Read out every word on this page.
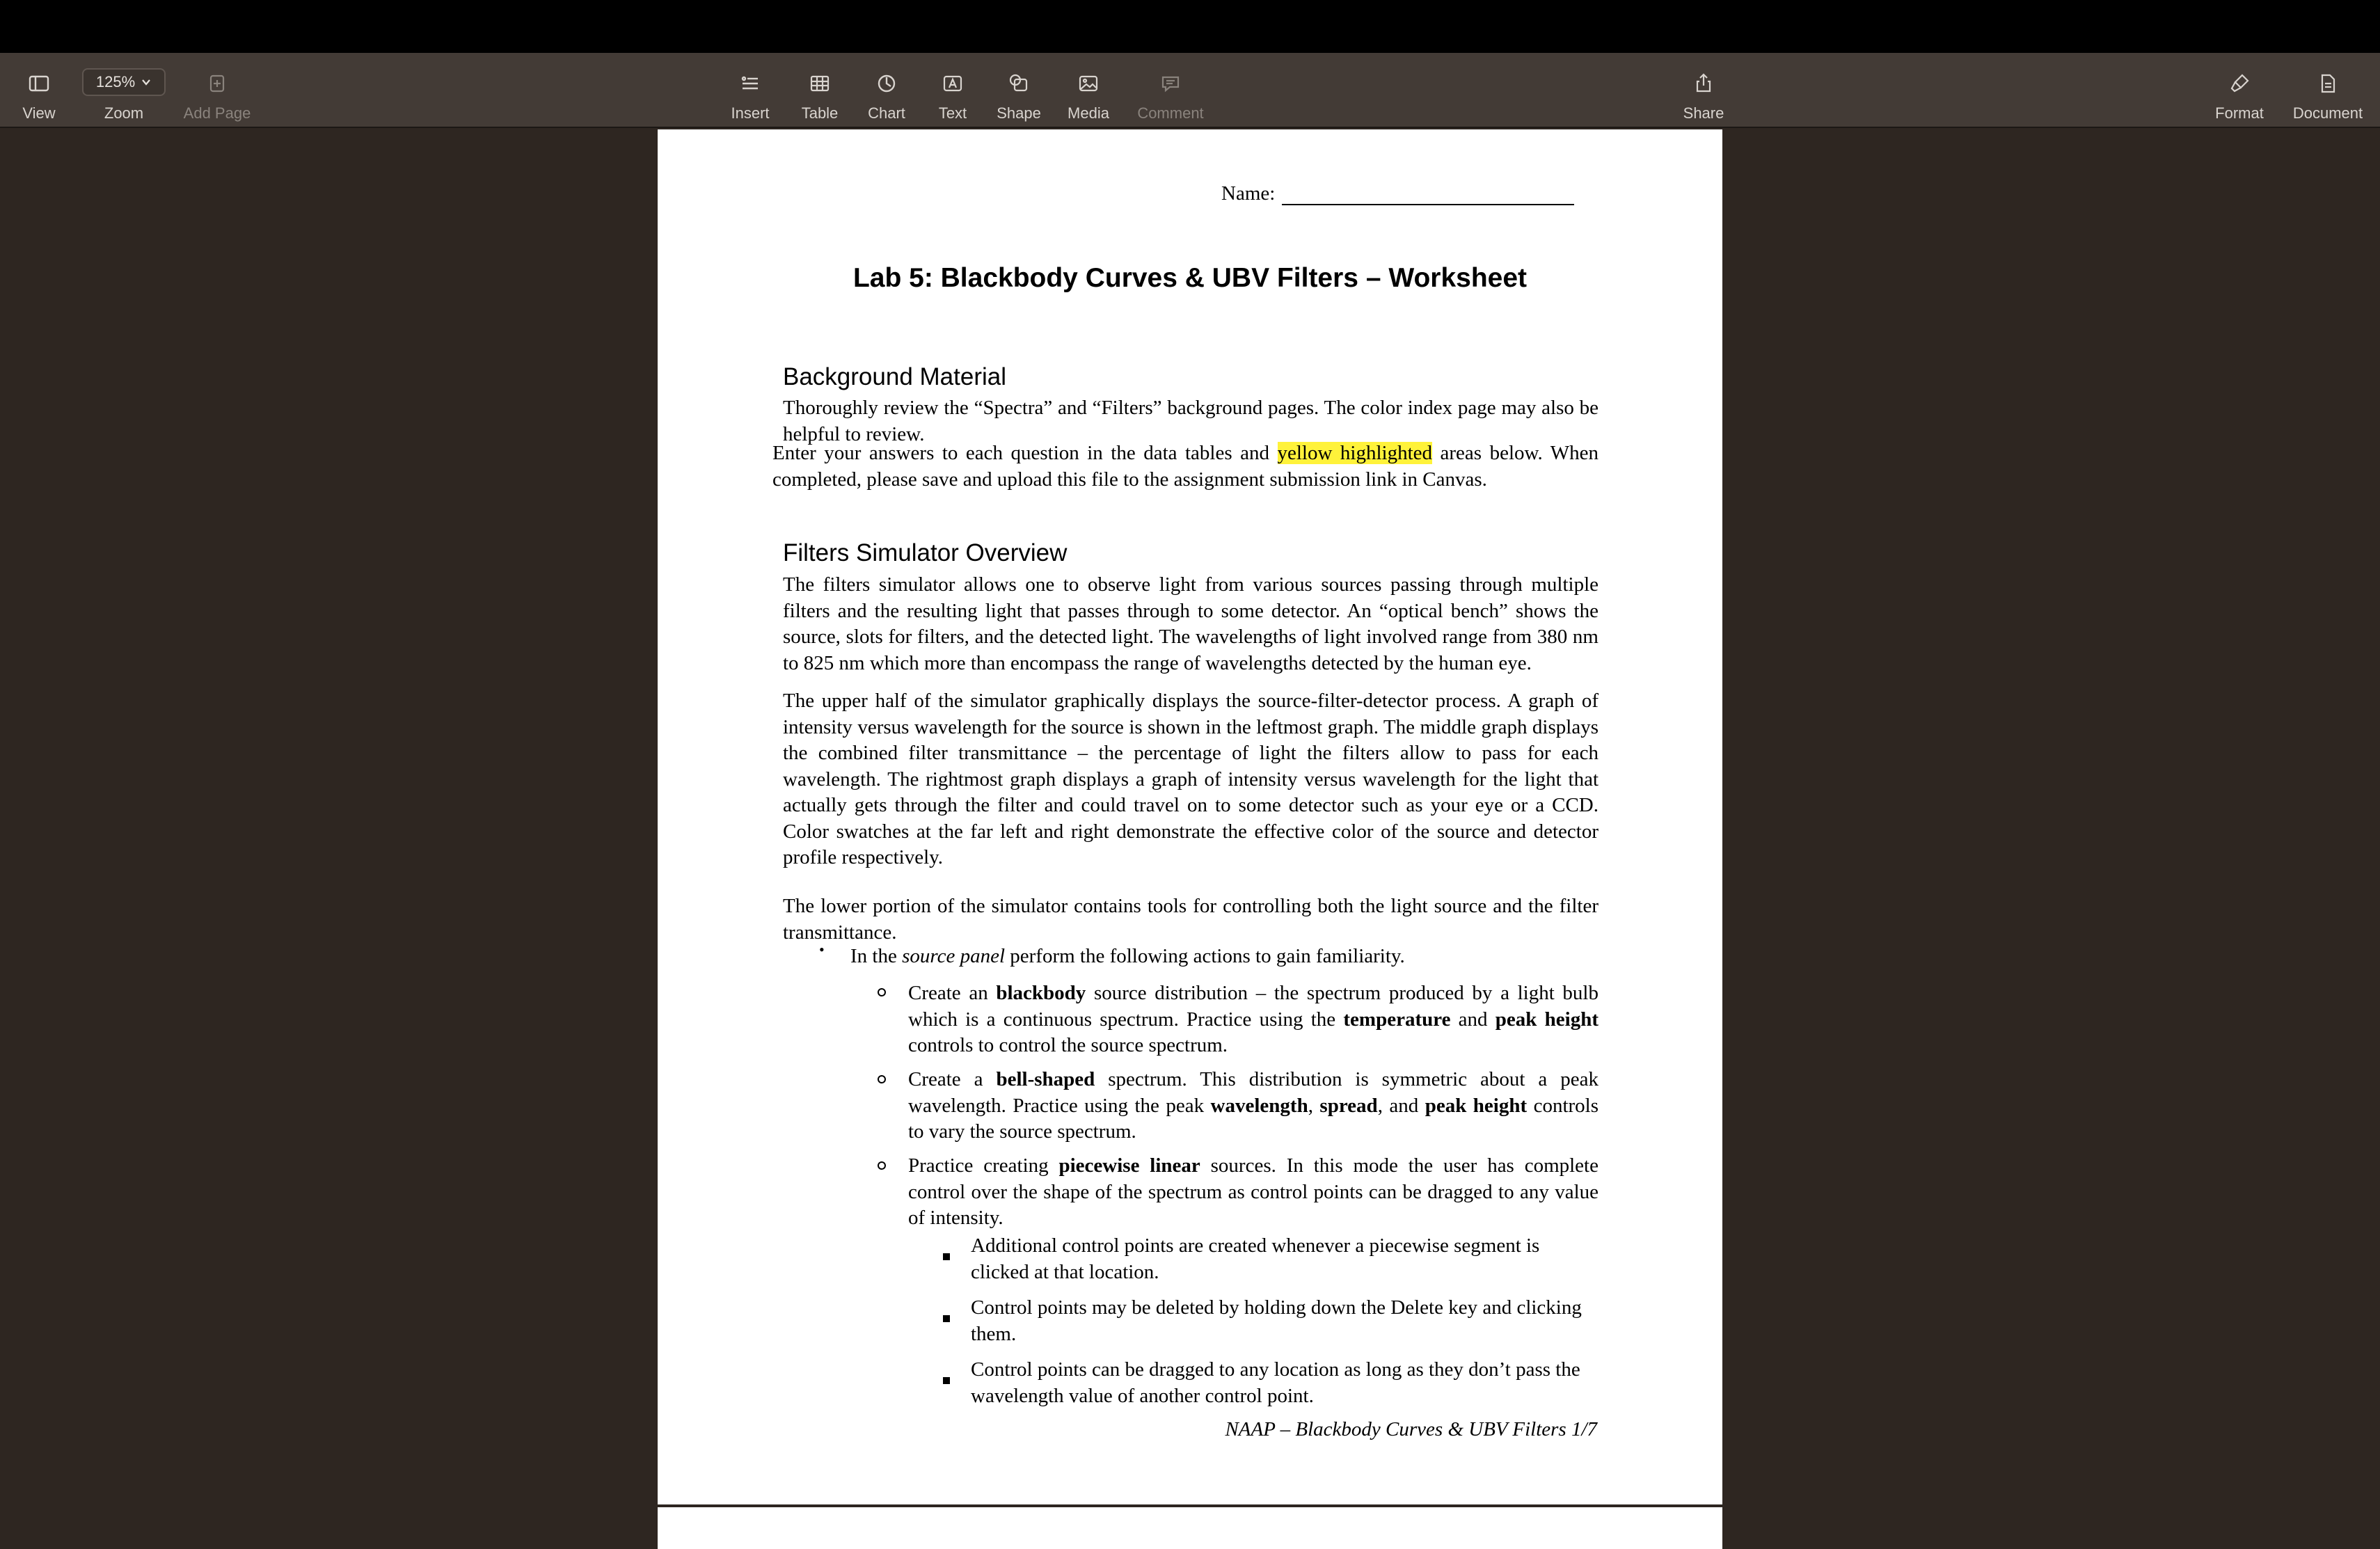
View
125%
Zoom	Add Page	Insert Table Chart Text Shape Media Comment	Share	Format Document
Name:
Lab 5: Blackbody Curves & UBV Filters – Worksheet
Background Material
Thoroughly review the “Spectra” and “Filters” background pages. The color index page may also be helpful to review.
Enter your answers to each question in the data tables and yellow highlighted areas below. When completed, please save and upload this file to the assignment submission link in Canvas.
Filters Simulator Overview
The filters simulator allows one to observe light from various sources passing through multiple filters and the resulting light that passes through to some detector. An “optical bench” shows the source, slots for filters, and the detected light. The wavelengths of light involved range from 380 nm to 825 nm which more than encompass the range of wavelengths detected by the human eye.
The upper half of the simulator graphically displays the source-filter-detector process. A graph of intensity versus wavelength for the source is shown in the leftmost graph. The middle graph displays the combined filter transmittance – the percentage of light the filters allow to pass for each wavelength. The rightmost graph displays a graph of intensity versus wavelength for the light that actually gets through the filter and could travel on to some detector such as your eye or a CCD. Color swatches at the far left and right demonstrate the effective color of the source and detector profile respectively.
The lower portion of the simulator contains tools for controlling both the light source and the filter transmittance.
• In the source panel perform the following actions to gain familiarity.
Create an blackbody source distribution – the spectrum produced by a light bulb which is a continuous spectrum. Practice using the temperature and peak height controls to control the source spectrum.
Create a bell-shaped spectrum. This distribution is symmetric about a peak wavelength. Practice using the peak wavelength, spread, and peak height controls to vary the source spectrum.
Practice creating piecewise linear sources. In this mode the user has complete control over the shape of the spectrum as control points can be dragged to any value of intensity.
Additional control points are created whenever a piecewise segment is clicked at that location.
Control points may be deleted by holding down the Delete key and clicking them.
Control points can be dragged to any location as long as they don’t pass the wavelength value of another control point.
NAAP – Blackbody Curves & UBV Filters 1/7
